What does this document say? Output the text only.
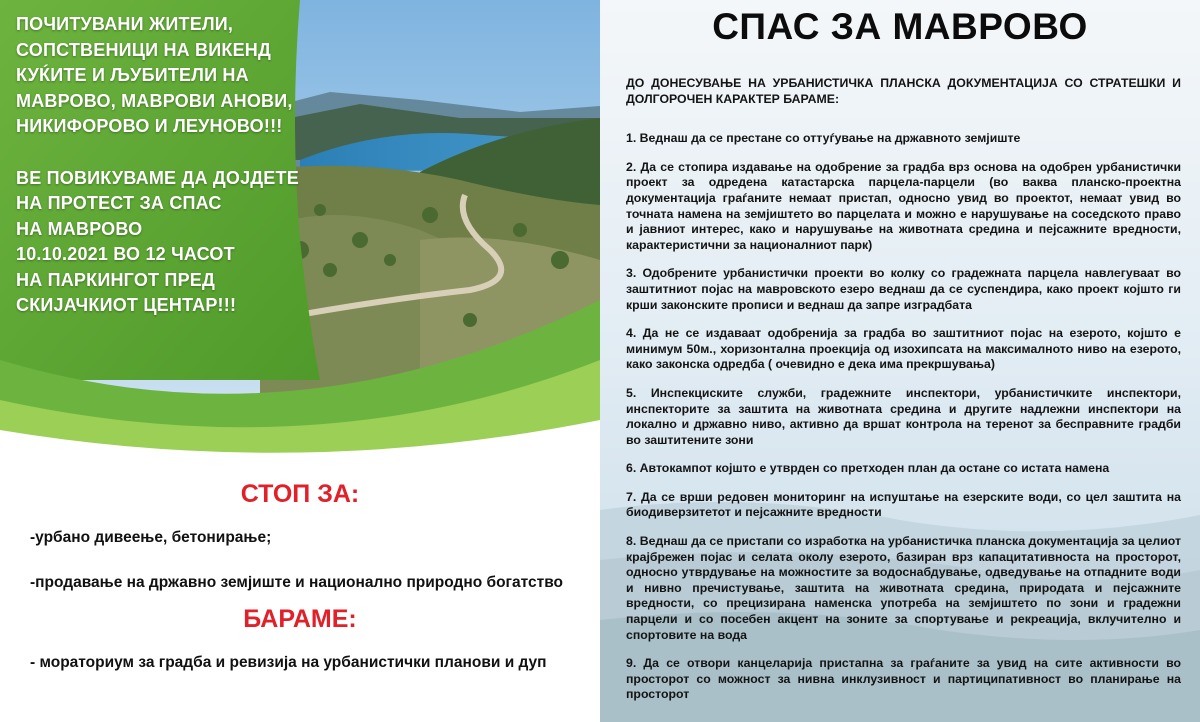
ПОЧИТУВАНИ ЖИТЕЛИ,

СОПСТВЕНИЦИ НА ВИКЕНД

КУЌИТЕ И ЉУБИТЕЛИ НА

МАВРОВО, МАВРОВИ АНОВИ,

НИКИФОРОВО И ЛЕУНОВО!!!

ВЕ ПОВИКУВАМЕ ДА ДОЈДЕТЕ

НА ПРОТЕСТ ЗА СПАС

НА МАВРОВО

10.10.2021 ВО 12 ЧАСОТ

НА ПАРКИНГОТ ПРЕД

СКИЈАЧКИОТ ЦЕНТАР!!!

СТОП ЗА:

-урбано дивеење, бетонирање;

-продавање на државно земјиште и национално природно богатство

БАРАМЕ:

- мораториум за градба и ревизија на урбанистички планови и дуп

СПАС ЗА МАВРОВО

ДО ДОНЕСУВАЊЕ НА УРБАНИСТИЧКА ПЛАНСКА ДОКУМЕНТАЦИЈА СО СТРАТЕШКИ И ДОЛГОРОЧЕН КАРАКТЕР БАРАМЕ:

1. Веднаш да се престане со оттуѓување на државното земјиште

2. Да се стопира издавање на одобрение за градба врз основа на одобрен урбанистички проект за одредена катастарска парцела-парцели (во ваква планско-проектна документација граѓаните немаат пристап, односно увид во проектот, немаат увид во точната намена на земјиштето во парцелата и можно е нарушување на соседското право и јавниот интерес, како и нарушување на животната средина и пејсажните вредности, карактеристични за националниот парк)

3. Одобрените урбанистички проекти во колку со градежната парцела навлегуваат во заштитниот појас на мавровското езеро веднаш да се суспендира, како проект којшто ги крши законските прописи и веднаш да запре изградбата

4. Да не се издаваат одобренија за градба во заштитниот појас на езерото, којшто е минимум 50м., хоризонтална проекција од изохипсата на максималното ниво на езерото, како законска одредба ( очевидно е дека има прекршувања)

5. Инспекциските служби, градежните инспектори, урбанистичките инспектори, инспекторите за заштита на животната средина и другите надлежни инспектори на локално и државно ниво, активно да вршат контрола на теренот за бесправните градби во заштитените зони

6. Автокампот којшто е утврден со претходен план да остане со истата намена

7. Да се врши редовен мониторинг на испуштање на езерските води, со цел заштита на биодиверзитетот и пејсажните вредности

8. Веднаш да се пристапи со изработка на урбанистичка планска документација за целиот крајбрежен појас и селата околу езерото, базиран врз капацитативноста на просторот, односно утврдување на можностите за водоснабдување, одведување на отпадните води и нивно пречистување, заштита на животната средина, природата и пејсажните вредности, со прецизирана наменска употреба на земјиштето по зони и градежни парцели и со посебен акцент на зоните за спортување и рекреација, вклучително и спортовите на вода

9. Да се отвори канцеларија пристапна за граѓаните за увид на сите активности во просторот со можност за нивна инклузивност и партиципативност во планирање на просторот
